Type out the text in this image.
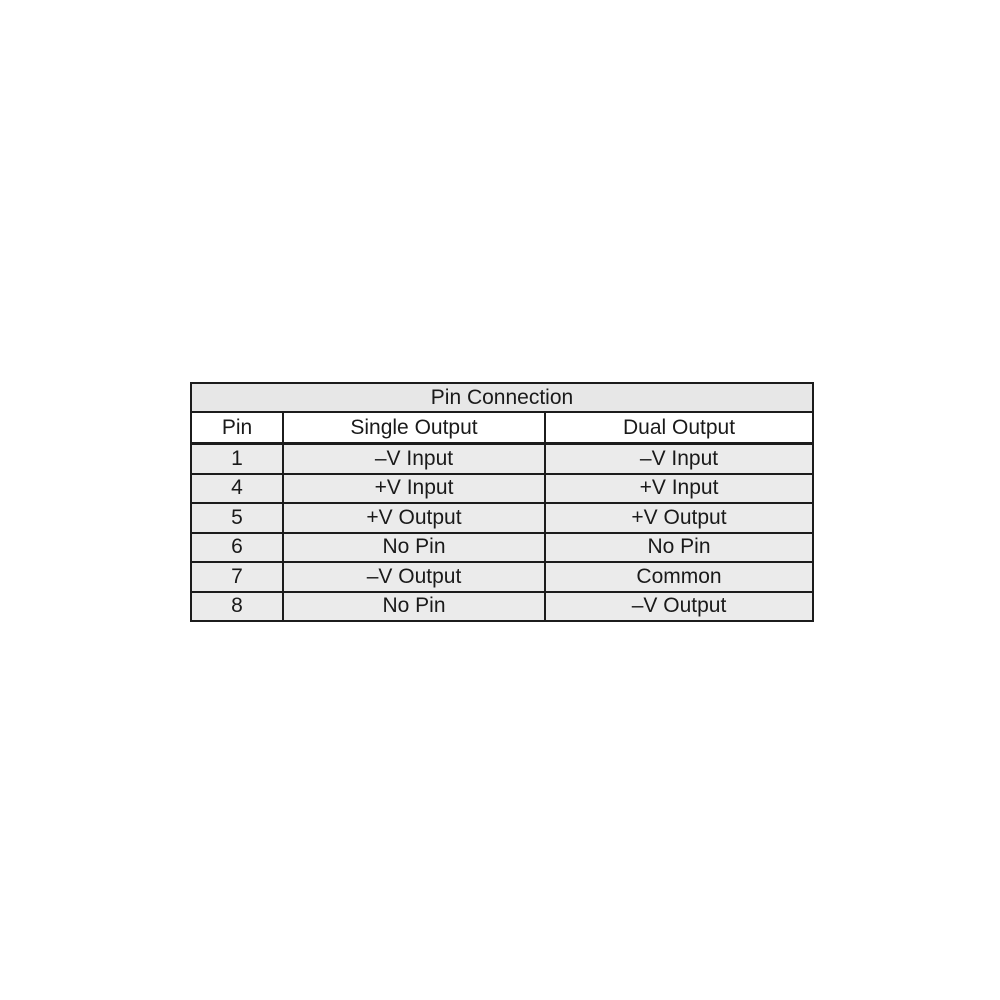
Pin Connection		
Pin	Single Output	Dual Output
1	–V Input	–V Input
4	+V Input	+V Input
5	+V Output	+V Output
6	No Pin	No Pin
7	–V Output	Common
8	No Pin	–V Output
